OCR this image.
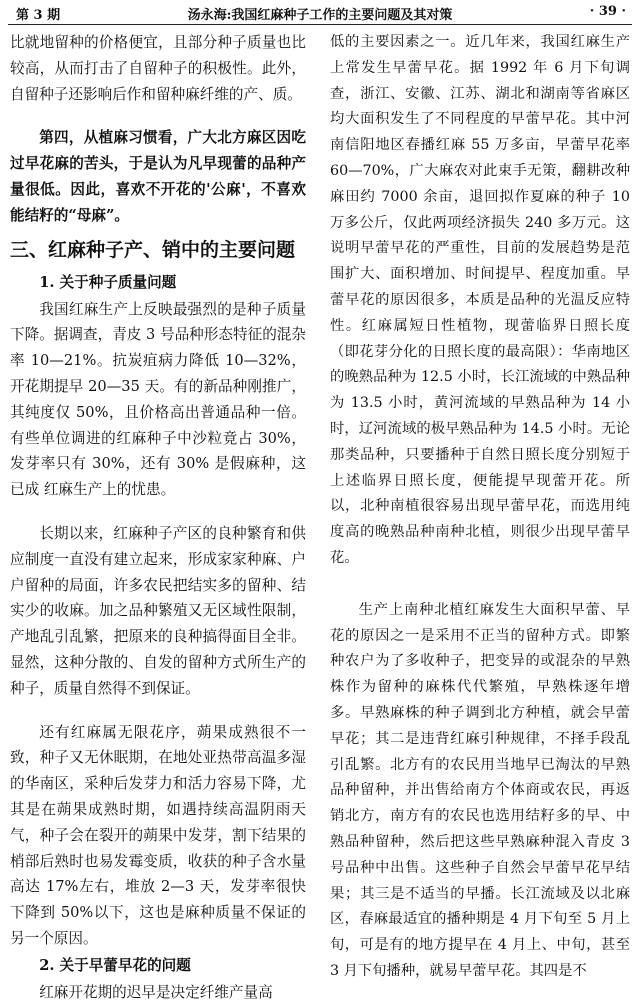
第 3 期	汤永海:我国红麻种子工作的主要问题及其对策	· 39 ·

比就地留种的价格便宜，且部分种子质量也比较高，从而打击了自留种子的积极性。此外，自留种子还影响后作和留种麻纤维的产、质。

第四，从植麻习惯看，广大北方麻区因吃过早花麻的苦头，于是认为凡早现蕾的品种产量很低。因此，喜欢不开花的'公麻'，不喜欢能结籽的“母麻”。

三、红麻种子产、销中的主要问题
1. 关于种子质量问题

我国红麻生产上反映最强烈的是种子质量下降。据调查，青皮 3 号品种形态特征的混杂率 10—21%。抗炭疽病力降低 10—32%，开花期提早 20—35 天。有的新品种刚推广，其纯度仅 50%，且价格高出普通品种一倍。有些单位调进的红麻种子中沙粒竟占 30%，发芽率只有 30%，还有 30% 是假麻种，这已成 红麻生产上的忧患。

长期以来，红麻种子产区的良种繁育和供应制度一直没有建立起来，形成家家种麻、户户留种的局面，许多农民把结实多的留种、结实少的收麻。加之品种繁殖又无区域性限制，产地乱引乱繁，把原来的良种搞得面目全非。显然，这种分散的、自发的留种方式所生产的种子，质量自然得不到保证。

还有红麻属无限花序，蒴果成熟很不一致，种子又无休眠期，在地处亚热带高温多湿的华南区，采种后发芽力和活力容易下降，尤其是在蒴果成熟时期，如遇持续高温阴雨天气，种子会在裂开的蒴果中发芽，割下结果的梢部后熟时也易发霉变质，收获的种子含水量高达 17%左右，堆放 2—3 天，发芽率很快下降到 50%以下，这也是麻种质量不保证的另一个原因。

2. 关于早蕾早花的问题

红麻开花期的迟早是决定纤维产量高

低的主要因素之一。近几年来，我国红麻生产上常发生早蕾早花。据 1992 年 6 月下旬调查，浙江、安徽、江苏、湖北和湖南等省麻区均大面积发生了不同程度的早蕾早花。其中河南信阳地区春播红麻 55 万多亩，早蕾早花率 60—70%，广大麻农对此束手无策，翻耕改种麻田约 7000 余亩，退回拟作夏麻的种子 10 万多公斤，仅此两项经济损失 240 多万元。这说明早蕾早花的严重性，目前的发展趋势是范围扩大、面积增加、时间提早、程度加重。早蕾早花的原因很多，本质是品种的光温反应特性。红麻属短日性植物，现蕾临界日照长度（即花芽分化的日照长度的最高限）：华南地区的晚熟品种为 12.5 小时，长江流域的中熟品种为 13.5 小时，黄河流域的早熟品种为 14 小时，辽河流域的极早熟品种为 14.5 小时。无论那类品种，只要播种于自然日照长度分别短于上述临界日照长度，便能提早现蕾开花。所以，北种南植很容易出现早蕾早花，而选用纯度高的晚熟品种南种北植，则很少出现早蕾早花。

生产上南种北植红麻发生大面积早蕾、早花的原因之一是采用不正当的留种方式。即繁种农户为了多收种子，把变异的或混杂的早熟株作为留种的麻株代代繁殖，早熟株逐年增多。早熟麻株的种子调到北方种植，就会早蕾早花；其二是违背红麻引种规律，不择手段乱引乱繁。北方有的农民用当地早已淘汰的早熟品种留种，并出售给南方个体商或农民，再返销北方，南方有的农民也选用结籽多的早、中熟品种留种，然后把这些早熟麻种混入青皮 3 号品种中出售。这些种子自然会早蕾早花早结果；其三是不适当的早播。长江流域及以北麻区，春麻最适宜的播种期是 4 月下旬至 5 月上旬，可是有的地方提早在 4 月上、中旬，甚至 3 月下旬播种，就易早蕾早花。其四是不
